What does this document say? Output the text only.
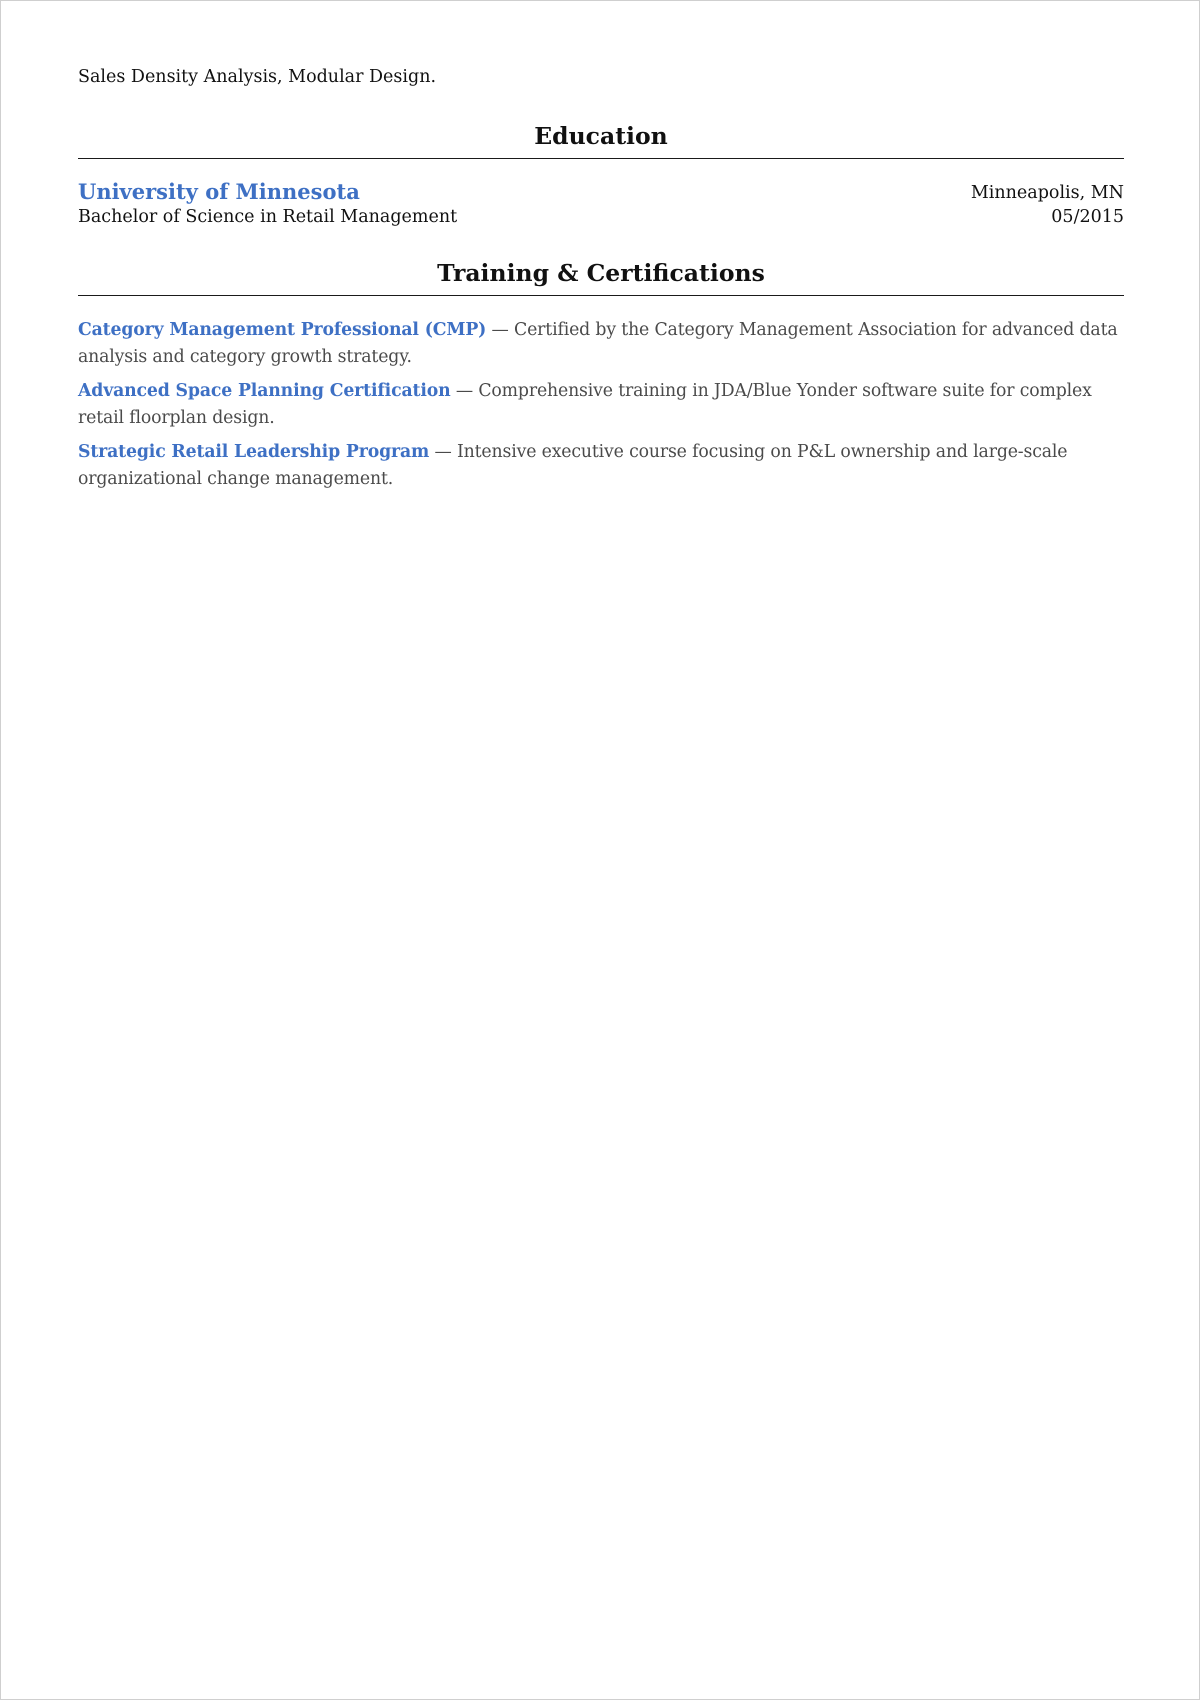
Sales Density Analysis, Modular Design.
Education
University of Minnesota	Minneapolis, MN
Bachelor of Science in Retail Management	05/2015
Training & Certifications

Category Management Professional (CMP) — Certified by the Category Management Association for advanced data analysis and category growth strategy.

Advanced Space Planning Certification — Comprehensive training in JDA/Blue Yonder software suite for complex retail floorplan design.

Strategic Retail Leadership Program — Intensive executive course focusing on P&L ownership and large-scale organizational change management.
